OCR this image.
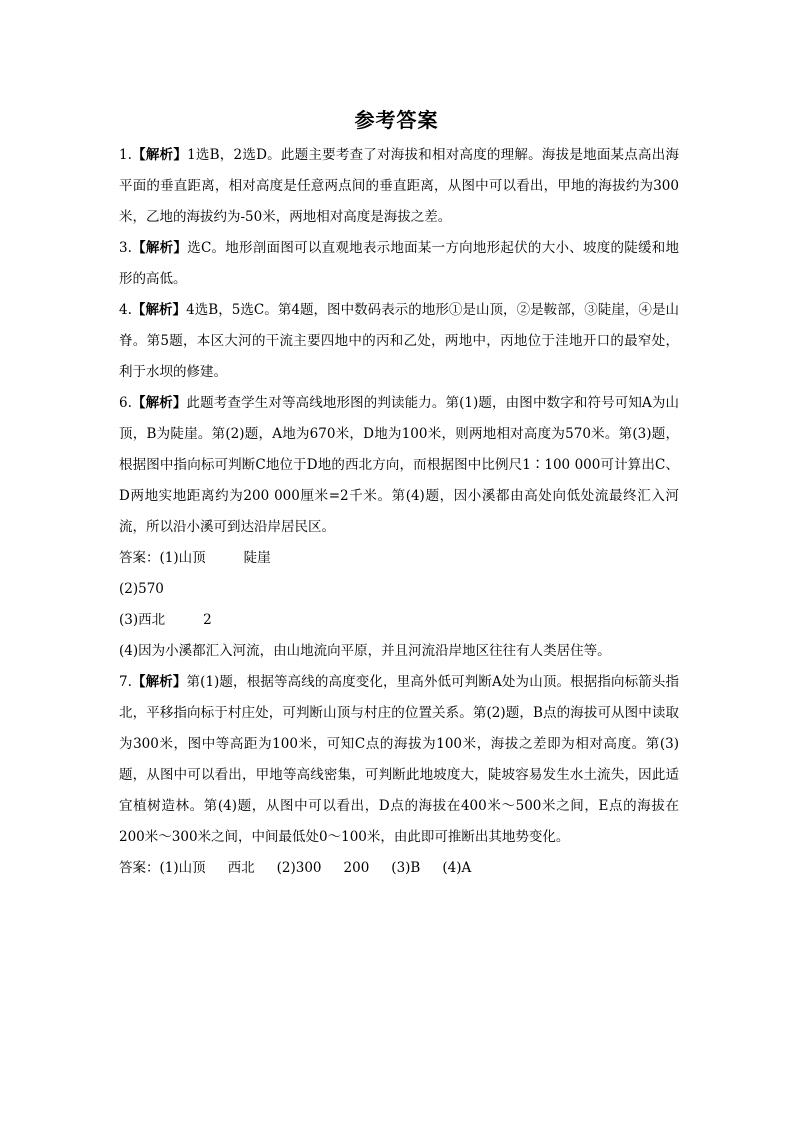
参考答案

1.【解析】1选B，2选D。此题主要考查了对海拔和相对高度的理解。海拔是地面某点高出海平面的垂直距离，相对高度是任意两点间的垂直距离，从图中可以看出，甲地的海拔约为300米，乙地的海拔约为-50米，两地相对高度是海拔之差。

3.【解析】选C。地形剖面图可以直观地表示地面某一方向地形起伏的大小、坡度的陡缓和地形的高低。

4.【解析】4选B，5选C。第4题，图中数码表示的地形①是山顶，②是鞍部，③陡崖，④是山脊。第5题，本区大河的干流主要四地中的丙和乙处，两地中，丙地位于洼地开口的最窄处，利于水坝的修建。

6.【解析】此题考查学生对等高线地形图的判读能力。第(1)题，由图中数字和符号可知A为山顶，B为陡崖。第(2)题，A地为670米，D地为100米，则两地相对高度为570米。第(3)题，根据图中指向标可判断C地位于D地的西北方向，而根据图中比例尺1∶100 000可计算出C、D两地实地距离约为200 000厘米=2千米。第(4)题，因小溪都由高处向低处流最终汇入河流，所以沿小溪可到达沿岸居民区。

答案：(1)山顶	陡崖

(2)570

(3)西北	2

(4)因为小溪都汇入河流，由山地流向平原，并且河流沿岸地区往往有人类居住等。

7.【解析】第(1)题，根据等高线的高度变化，里高外低可判断A处为山顶。根据指向标箭头指北，平移指向标于村庄处，可判断山顶与村庄的位置关系。第(2)题，B点的海拔可从图中读取为300米，图中等高距为100米，可知C点的海拔为100米，海拔之差即为相对高度。第(3)题，从图中可以看出，甲地等高线密集，可判断此地坡度大，陡坡容易发生水土流失，因此适宜植树造林。第(4)题，从图中可以看出，D点的海拔在400米～500米之间，E点的海拔在200米～300米之间，中间最低处0～100米，由此即可推断出其地势变化。

答案：(1)山顶 西北 (2)300 200 (3)B (4)A
